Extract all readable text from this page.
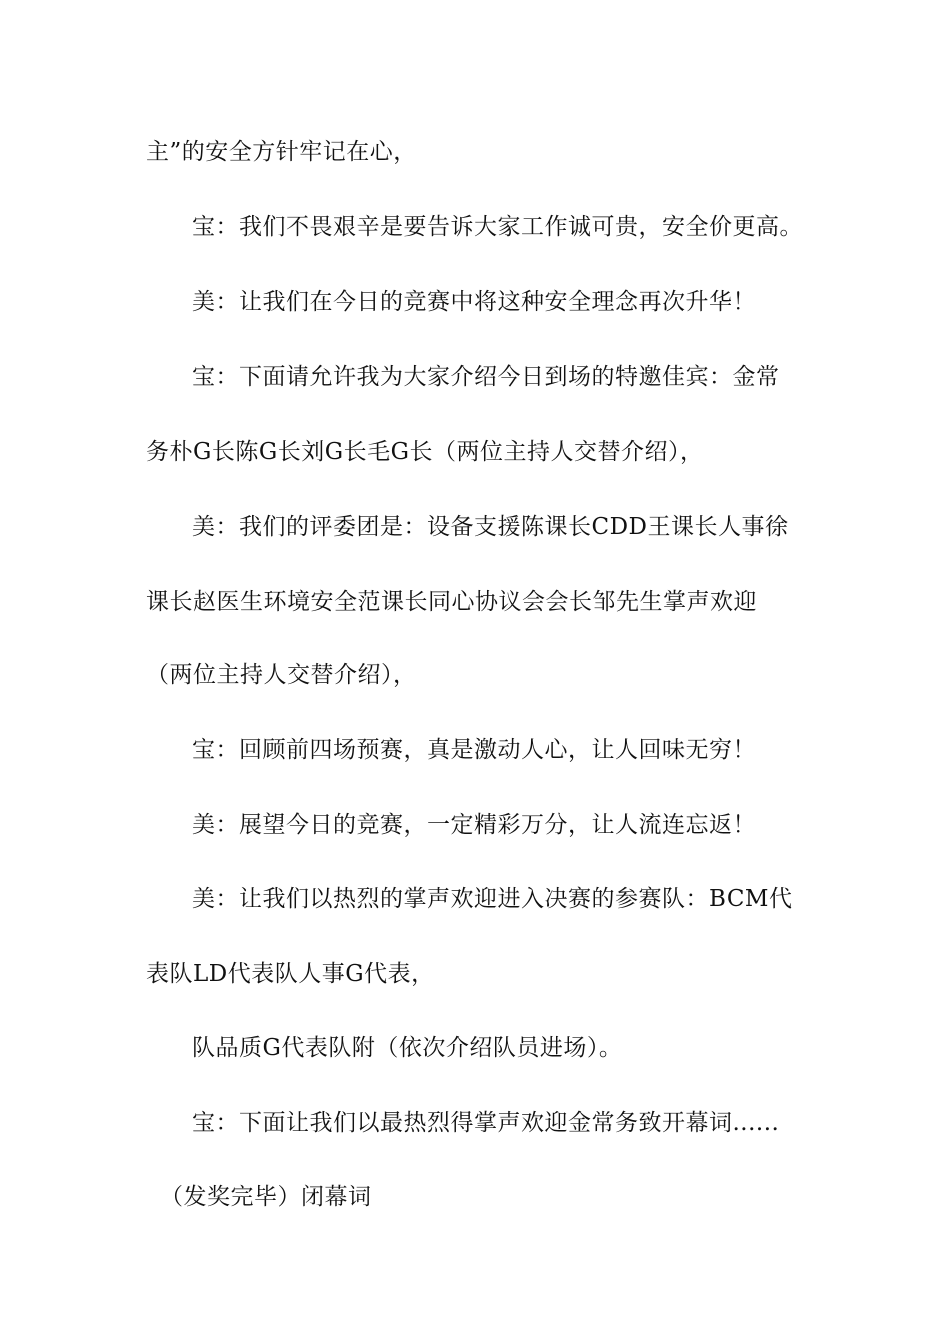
主”的安全方针牢记在心，
宝：我们不畏艰辛是要告诉大家工作诚可贵，安全价更高。
美：让我们在今日的竞赛中将这种安全理念再次升华！
宝：下面请允许我为大家介绍今日到场的特邀佳宾：金常
务朴G长陈G长刘G长毛G长（两位主持人交替介绍），
美：我们的评委团是：设备支援陈课长CDD王课长人事徐
课长赵医生环境安全范课长同心协议会会长邹先生掌声欢迎
（两位主持人交替介绍），
宝：回顾前四场预赛，真是激动人心，让人回味无穷！
美：展望今日的竞赛，一定精彩万分，让人流连忘返！
美：让我们以热烈的掌声欢迎进入决赛的参赛队：BCM代
表队LD代表队人事G代表，
队品质G代表队附（依次介绍队员进场）。
宝：下面让我们以最热烈得掌声欢迎金常务致开幕词......
（发奖完毕）闭幕词
